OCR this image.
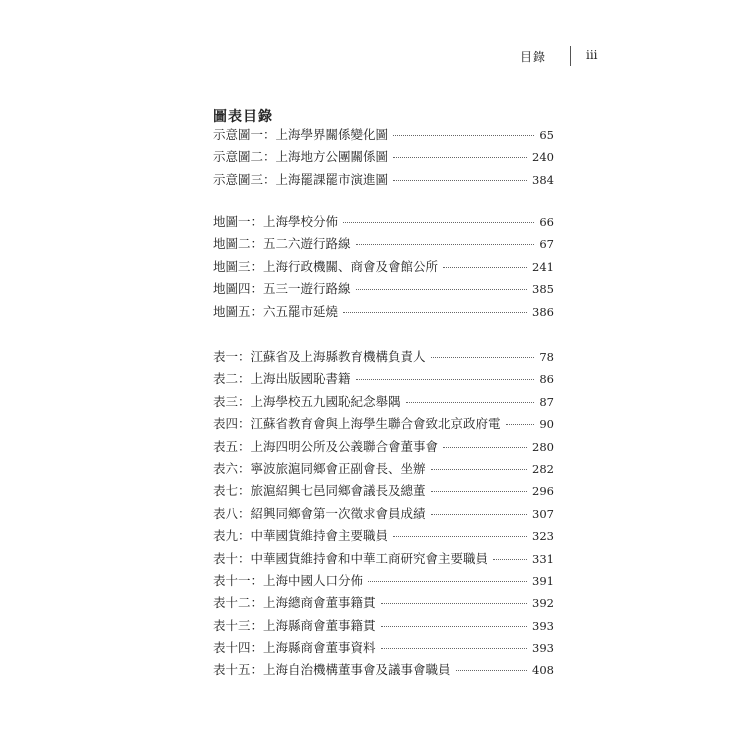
目錄	iii
圖表目錄
示意圖一：上海學界關係變化圖	65
示意圖二：上海地方公團關係圖	240
示意圖三：上海罷課罷市演進圖	384
地圖一：上海學校分佈	66
地圖二：五二六遊行路線	67
地圖三：上海行政機關、商會及會館公所	241
地圖四：五三一遊行路線	385
地圖五：六五罷市延燒	386
表一：江蘇省及上海縣教育機構負責人	78
表二：上海出版國恥書籍	86
表三：上海學校五九國恥紀念舉隅	87
表四：江蘇省教育會與上海學生聯合會致北京政府電	90
表五：上海四明公所及公義聯合會董事會	280
表六：寧波旅滬同鄉會正副會長、坐辦	282
表七：旅滬紹興七邑同鄉會議長及總董	296
表八：紹興同鄉會第一次徵求會員成績	307
表九：中華國貨維持會主要職員	323
表十：中華國貨維持會和中華工商研究會主要職員	331
表十一：上海中國人口分佈	391
表十二：上海總商會董事籍貫	392
表十三：上海縣商會董事籍貫	393
表十四：上海縣商會董事資料	393
表十五：上海自治機構董事會及議事會職員	408
